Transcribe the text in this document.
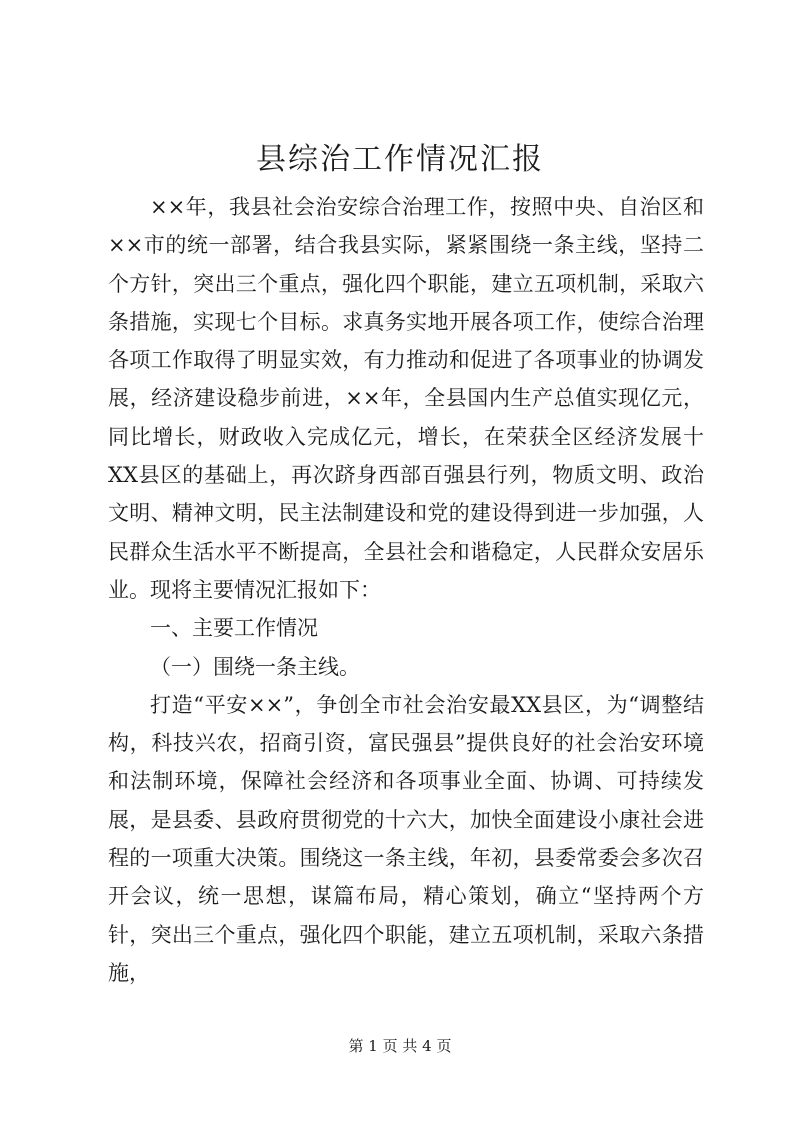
县综治工作情况汇报

××年，我县社会治安综合治理工作，按照中央、自治区和××市的统一部署，结合我县实际，紧紧围绕一条主线，坚持二个方针，突出三个重点，强化四个职能，建立五项机制，采取六条措施，实现七个目标。求真务实地开展各项工作，使综合治理各项工作取得了明显实效，有力推动和促进了各项事业的协调发展，经济建设稳步前进，××年，全县国内生产总值实现亿元，同比增长，财政收入完成亿元，增长，在荣获全区经济发展十XX县区的基础上，再次跻身西部百强县行列，物质文明、政治文明、精神文明，民主法制建设和党的建设得到进一步加强，人民群众生活水平不断提高，全县社会和谐稳定，人民群众安居乐业。现将主要情况汇报如下：

一、主要工作情况

（一）围绕一条主线。

打造“平安××”，争创全市社会治安最XX县区，为“调整结构，科技兴农，招商引资，富民强县”提供良好的社会治安环境和法制环境，保障社会经济和各项事业全面、协调、可持续发展，是县委、县政府贯彻党的十六大，加快全面建设小康社会进程的一项重大决策。围绕这一条主线，年初，县委常委会多次召开会议，统一思想，谋篇布局，精心策划，确立“坚持两个方针，突出三个重点，强化四个职能，建立五项机制，采取六条措施，

第 1 页 共 4 页
